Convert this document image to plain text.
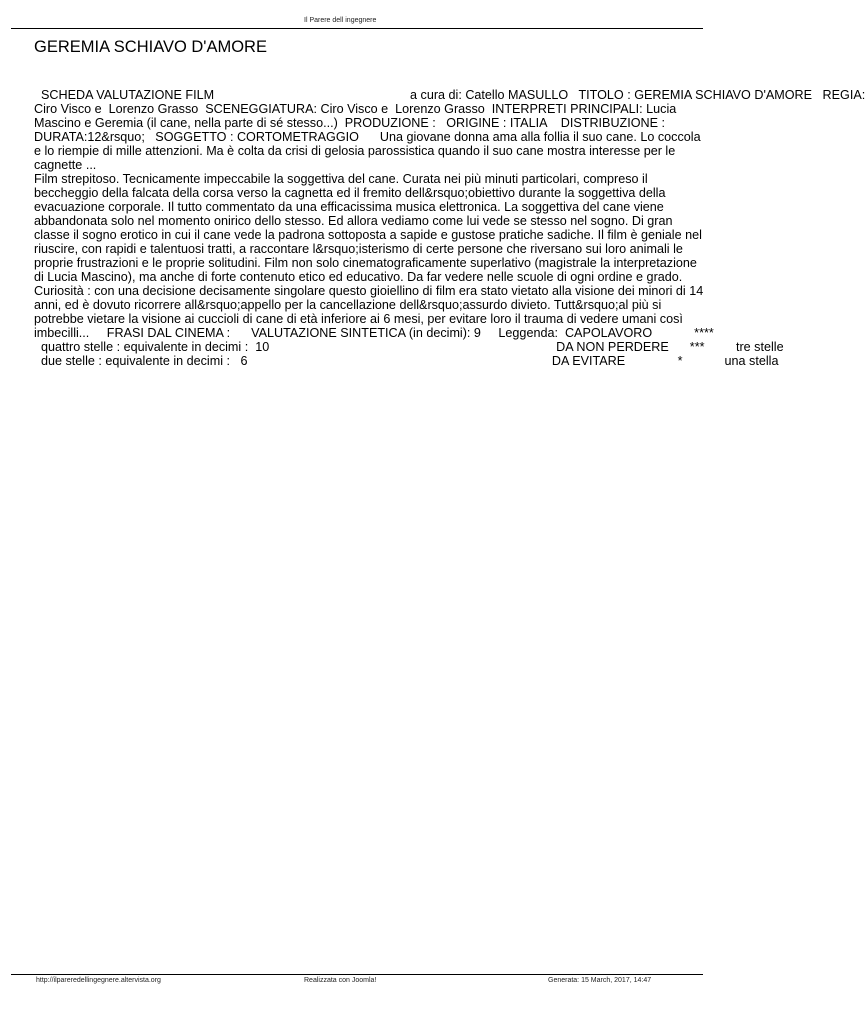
Il Parere dell ingegnere
GEREMIA SCHIAVO D'AMORE
SCHEDA VALUTAZIONE FILM                                                        a cura di: Catello MASULLO   TITOLO : GEREMIA SCHIAVO D'AMORE   REGIA:
Ciro Visco e  Lorenzo Grasso  SCENEGGIATURA: Ciro Visco e  Lorenzo Grasso  INTERPRETI PRINCIPALI: Lucia
Mascino e Geremia (il cane, nella parte di sé stesso...)  PRODUZIONE :   ORIGINE : ITALIA    DISTRIBUZIONE :
DURATA:12&rsquo;   SOGGETTO : CORTOMETRAGGIO      Una giovane donna ama alla follia il suo cane. Lo coccola
e lo riempie di mille attenzioni. Ma è colta da crisi di gelosia parossistica quando il suo cane mostra interesse per le
cagnette ...
Film strepitoso. Tecnicamente impeccabile la soggettiva del cane. Curata nei più minuti particolari, compreso il
beccheggio della falcata della corsa verso la cagnetta ed il fremito dell&rsquo;obiettivo durante la soggettiva della
evacuazione corporale. Il tutto commentato da una efficacissima musica elettronica. La soggettiva del cane viene
abbandonata solo nel momento onirico dello stesso. Ed allora vediamo come lui vede se stesso nel sogno. Di gran
classe il sogno erotico in cui il cane vede la padrona sottoposta a sapide e gustose pratiche sadiche. Il film è geniale nel
riuscire, con rapidi e talentuosi tratti, a raccontare l&rsquo;isterismo di certe persone che riversano sui loro animali le
proprie frustrazioni e le proprie solitudini. Film non solo cinematograficamente superlativo (magistrale la interpretazione
di Lucia Mascino), ma anche di forte contenuto etico ed educativo. Da far vedere nelle scuole di ogni ordine e grado.
Curiosità : con una decisione decisamente singolare questo gioiellino di film era stato vietato alla visione dei minori di 14
anni, ed è dovuto ricorrere all&rsquo;appello per la cancellazione dell&rsquo;assurdo divieto. Tutt&rsquo;al più si
potrebbe vietare la visione ai cuccioli di cane di età inferiore ai 6 mesi, per evitare loro il trauma di vedere umani così
imbecilli...     FRASI DAL CINEMA :      VALUTAZIONE SINTETICA (in decimi): 9     Leggenda:  CAPOLAVORO            ****
quattro stelle : equivalente in decimi :  10                                                                                  DA NON PERDERE      ***         tre stelle
due stelle : equivalente in decimi :   6                                                                                       DA EVITARE               *            una stella
http://ilpareredellingegnere.altervista.org	Realizzata con Joomla!	Generata: 15 March, 2017, 14:47
